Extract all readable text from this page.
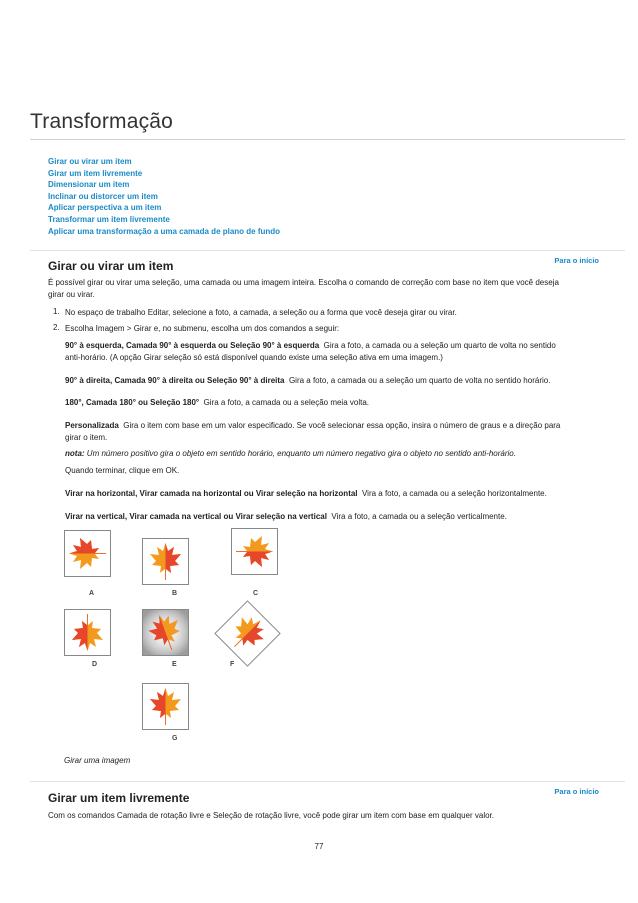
Transformação
Girar ou virar um item
Girar um item livremente
Dimensionar um item
Inclinar ou distorcer um item
Aplicar perspectiva a um item
Transformar um item livremente
Aplicar uma transformação a uma camada de plano de fundo
Para o início
Girar ou virar um item

É possível girar ou virar uma seleção, uma camada ou uma imagem inteira. Escolha o comando de correção com base no item que você deseja

girar ou virar.

1. No espaço de trabalho Editar, selecione a foto, a camada, a seleção ou a forma que você deseja girar ou virar.

2. Escolha Imagem > Girar e, no submenu, escolha um dos comandos a seguir:

90° à esquerda, Camada 90° à esquerda ou Seleção 90° à esquerda Gira a foto, a camada ou a seleção um quarto de volta no sentido

anti-horário. (A opção Girar seleção só está disponível quando existe uma seleção ativa em uma imagem.)

90° à direita, Camada 90° à direita ou Seleção 90° à direita Gira a foto, a camada ou a seleção um quarto de volta no sentido horário.

180°, Camada 180° ou Seleção 180° Gira a foto, a camada ou a seleção meia volta.

Personalizada Gira o item com base em um valor especificado. Se você selecionar essa opção, insira o número de graus e a direção para

girar o item.

nota: Um número positivo gira o objeto em sentido horário, enquanto um número negativo gira o objeto no sentido anti-horário.

Quando terminar, clique em OK.

Virar na horizontal, Virar camada na horizontal ou Virar seleção na horizontal Vira a foto, a camada ou a seleção horizontalmente.

Virar na vertical, Virar camada na vertical ou Virar seleção na vertical Vira a foto, a camada ou a seleção verticalmente.

A	B	C
D	E	F
G
Girar uma imagem
Para o início
Girar um item livremente

Com os comandos Camada de rotação livre e Seleção de rotação livre, você pode girar um item com base em qualquer valor.

77
